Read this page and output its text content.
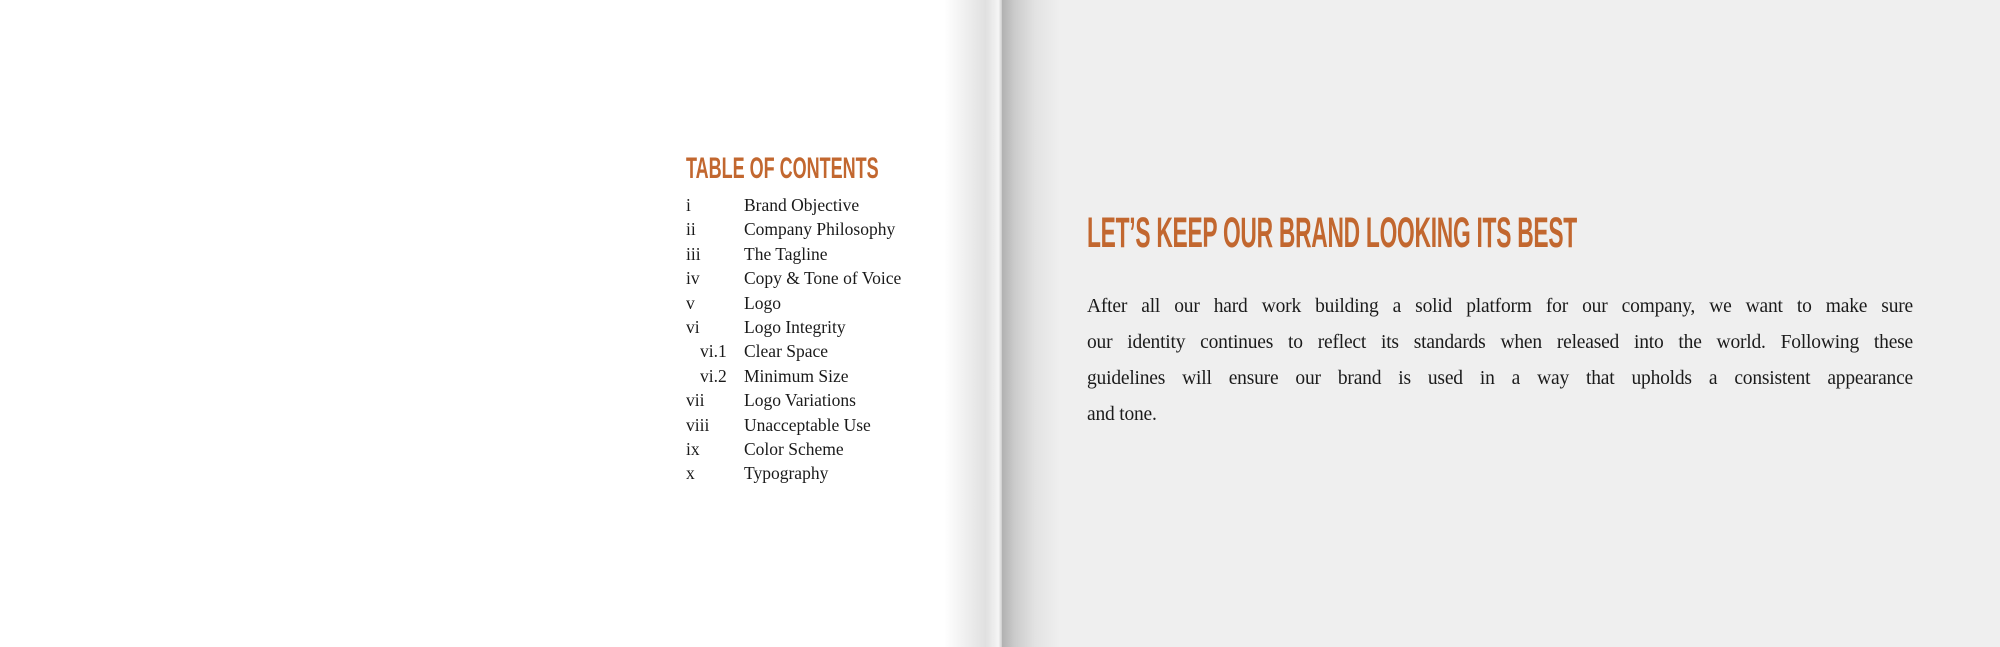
TABLE OF CONTENTS
i	Brand Objective
ii	Company Philosophy
iii	The Tagline
iv	Copy & Tone of Voice
v	Logo
vi	Logo Integrity
vi.1 Clear Space
vi.2 Minimum Size
vii	Logo Variations
viii	Unacceptable Use
ix	Color Scheme
x	Typography
LET’S KEEP OUR BRAND LOOKING ITS BEST
After all our hard work building a solid platform for our company, we want to make sure
our identity continues to reflect its standards when released into the world. Following these
guidelines will ensure our brand is used in a way that upholds a consistent appearance
and tone.
